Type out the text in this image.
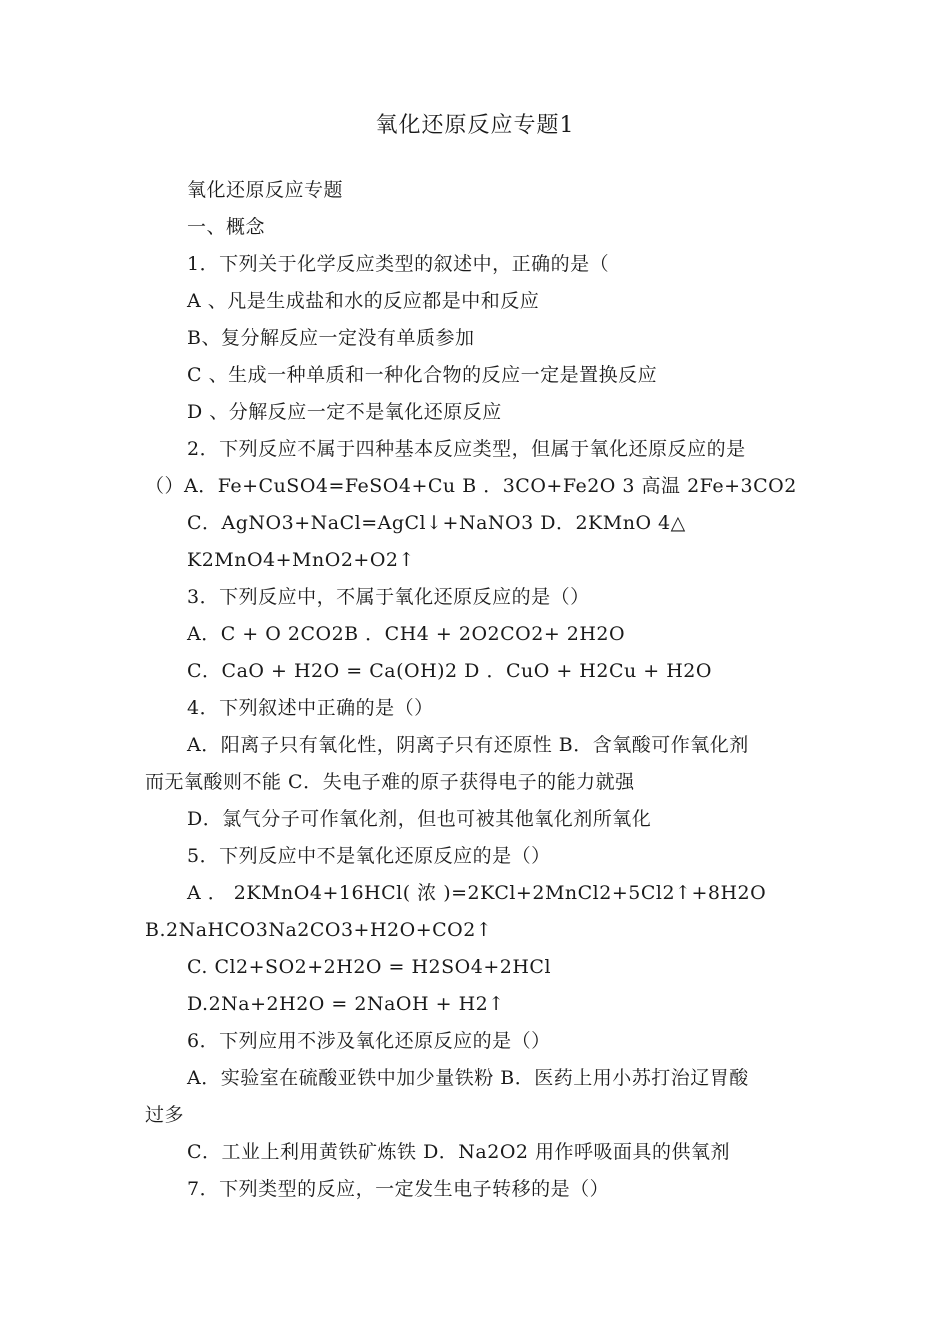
氧化还原反应专题1

氧化还原反应专题

一、概念

1．下列关于化学反应类型的叙述中，正确的是（

A 、凡是生成盐和水的反应都是中和反应

B、复分解反应一定没有单质参加

C 、生成一种单质和一种化合物的反应一定是置换反应

D 、分解反应一定不是氧化还原反应

2．下列反应不属于四种基本反应类型，但属于氧化还原反应的是

（）A．Fe+CuSO4=FeSO4+Cu B ．3CO+Fe2O 3 高温 2Fe+3CO2

C．AgNO3+NaCl=AgCl↓+NaNO3 D．2KMnO 4△

K2MnO4+MnO2+O2↑

3．下列反应中，不属于氧化还原反应的是（）

A．C + O 2CO2B ．CH4 + 2O2CO2+ 2H2O

C．CaO + H2O = Ca(OH)2 D ．CuO + H2Cu + H2O

4．下列叙述中正确的是（）

A．阳离子只有氧化性，阴离子只有还原性 B．含氧酸可作氧化剂

而无氧酸则不能 C．失电子难的原子获得电子的能力就强

D．氯气分子可作氧化剂，但也可被其他氧化剂所氧化

5．下列反应中不是氧化还原反应的是（）

A ． 2KMnO4+16HCl( 浓 )=2KCl+2MnCl2+5Cl2↑+8H2O

B.2NaHCO3Na2CO3+H2O+CO2↑

C. Cl2+SO2+2H2O = H2SO4+2HCl

D.2Na+2H2O = 2NaOH + H2↑

6．下列应用不涉及氧化还原反应的是（）

A．实验室在硫酸亚铁中加少量铁粉 B．医药上用小苏打治辽胃酸

过多

C．工业上利用黄铁矿炼铁 D．Na2O2 用作呼吸面具的供氧剂

7．下列类型的反应，一定发生电子转移的是（）
